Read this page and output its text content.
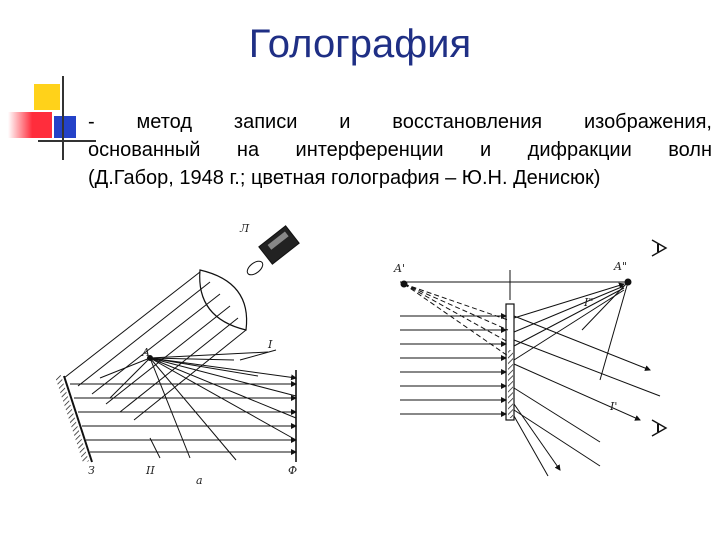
Голография
- метод записи и восстановления изображения,
основанный на интерференции и дифракции волн
(Д.Габор, 1948 г.; цветная голография – Ю.Н. Денисюк)
Л
A
I
II
З	Ф
а
A'	A"
I"
I'
